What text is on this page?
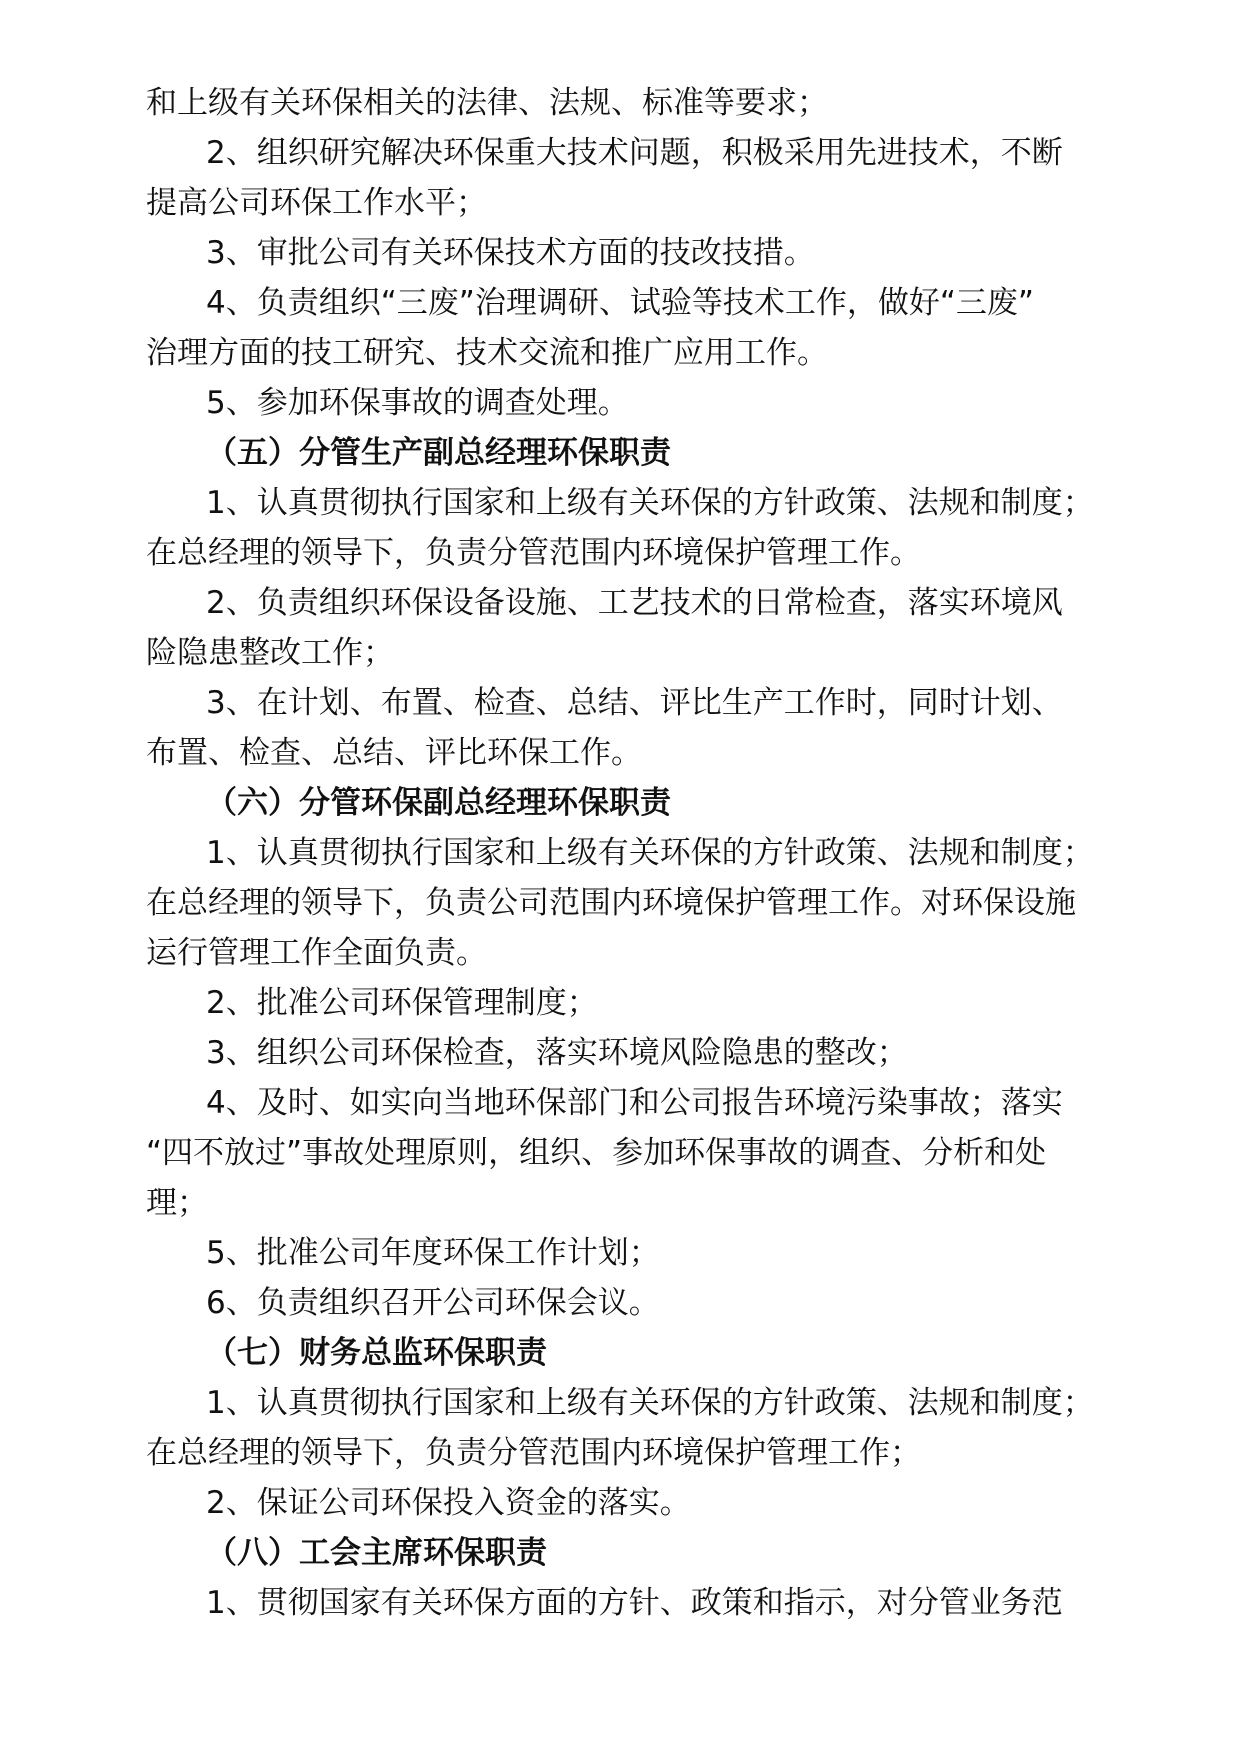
和上级有关环保相关的法律、法规、标准等要求；
2、组织研究解决环保重大技术问题，积极采用先进技术，不断
提高公司环保工作水平；
3、审批公司有关环保技术方面的技改技措。
4、负责组织“三废”治理调研、试验等技术工作，做好“三废”
治理方面的技工研究、技术交流和推广应用工作。
5、参加环保事故的调查处理。
（五）分管生产副总经理环保职责
1、认真贯彻执行国家和上级有关环保的方针政策、法规和制度；
在总经理的领导下，负责分管范围内环境保护管理工作。
2、负责组织环保设备设施、工艺技术的日常检查，落实环境风
险隐患整改工作；
3、在计划、布置、检查、总结、评比生产工作时，同时计划、
布置、检查、总结、评比环保工作。
（六）分管环保副总经理环保职责
1、认真贯彻执行国家和上级有关环保的方针政策、法规和制度；
在总经理的领导下，负责公司范围内环境保护管理工作。对环保设施
运行管理工作全面负责。
2、批准公司环保管理制度；
3、组织公司环保检查，落实环境风险隐患的整改；
4、及时、如实向当地环保部门和公司报告环境污染事故；落实
“四不放过”事故处理原则，组织、参加环保事故的调查、分析和处
理；
5、批准公司年度环保工作计划；
6、负责组织召开公司环保会议。
（七）财务总监环保职责
1、认真贯彻执行国家和上级有关环保的方针政策、法规和制度；
在总经理的领导下，负责分管范围内环境保护管理工作；
2、保证公司环保投入资金的落实。
（八）工会主席环保职责
1、贯彻国家有关环保方面的方针、政策和指示，对分管业务范
